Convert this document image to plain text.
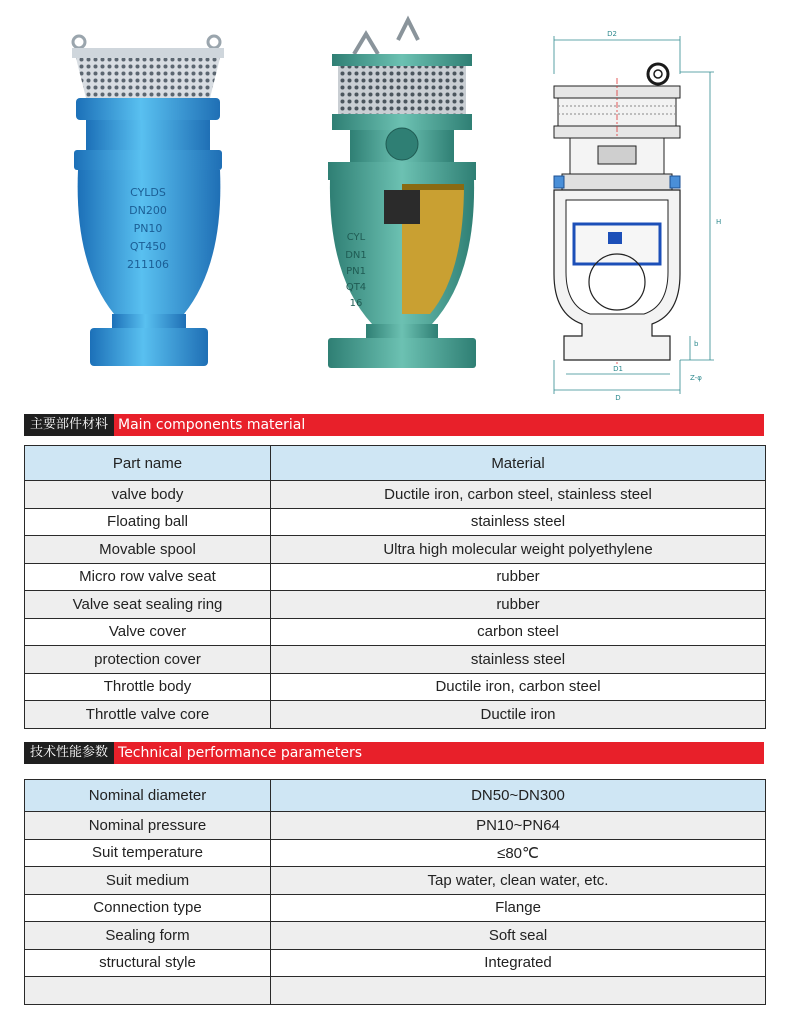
CYLDS
DN200
PN10
QT450
211106
CYL
DN1
PN1
QT4
16
D2
D1
D
H
b
Z-φ
主要部件材料 Main components material
Part name	Material
valve body	Ductile iron, carbon steel, stainless steel
Floating ball	stainless steel
Movable spool	Ultra high molecular weight polyethylene
Micro row valve seat	rubber
Valve seat sealing ring	rubber
Valve cover	carbon steel
protection cover	stainless steel
Throttle body	Ductile iron, carbon steel
Throttle valve core	Ductile iron
技术性能参数 Technical performance parameters
Nominal diameter	DN50~DN300
Nominal pressure	PN10~PN64
Suit temperature	≤80℃
Suit medium	Tap water, clean water, etc.
Connection type	Flange
Sealing form	Soft seal
structural style	Integrated
